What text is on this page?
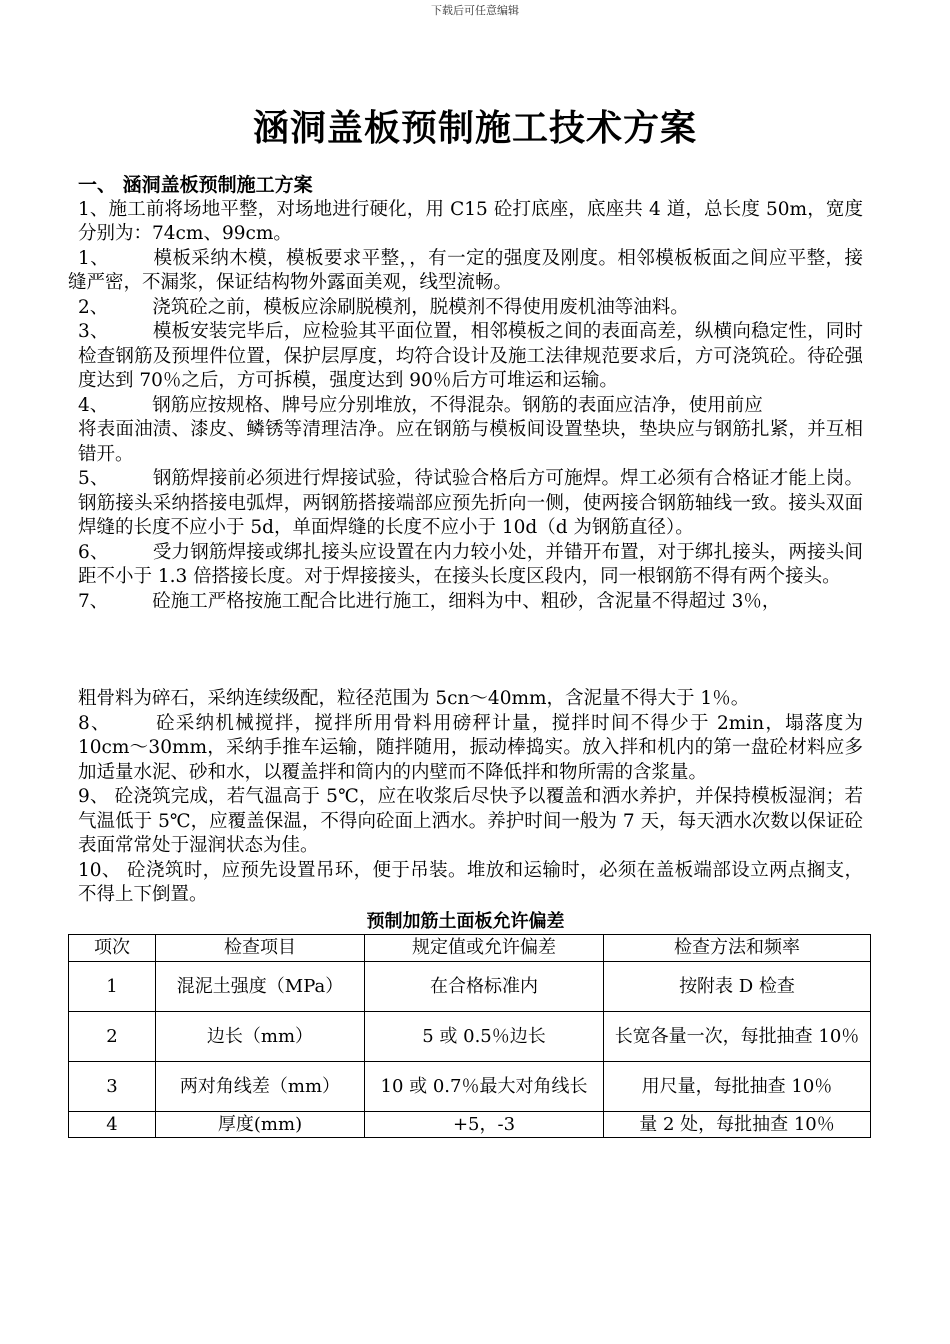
下载后可任意编辑
涵洞盖板预制施工技术方案
一、 涵洞盖板预制施工方案
1、施工前将场地平整，对场地进行硬化，用 C15 砼打底座，底座共 4 道，总长度 50m，宽度分别为：74cm、99cm。
1、 模板采纳木模，模板要求平整，，有一定的强度及刚度。相邻模板板面之间应平整，接缝严密，不漏浆，保证结构物外露面美观，线型流畅。
2、 浇筑砼之前，模板应涂刷脱模剂，脱模剂不得使用废机油等油料。
3、 模板安装完毕后，应检验其平面位置，相邻模板之间的表面高差，纵横向稳定性，同时检查钢筋及预埋件位置，保护层厚度，均符合设计及施工法律规范要求后，方可浇筑砼。待砼强度达到 70％之后，方可拆模，强度达到 90％后方可堆运和运输。
4、 钢筋应按规格、牌号应分别堆放，不得混杂。钢筋的表面应洁净，使用前应
将表面油渍、漆皮、鳞锈等清理洁净。应在钢筋与模板间设置垫块，垫块应与钢筋扎紧，并互相错开。
5、 钢筋焊接前必须进行焊接试验，待试验合格后方可施焊。焊工必须有合格证才能上岗。钢筋接头采纳搭接电弧焊，两钢筋搭接端部应预先折向一侧，使两接合钢筋轴线一致。接头双面焊缝的长度不应小于 5d，单面焊缝的长度不应小于 10d（d 为钢筋直径）。
6、 受力钢筋焊接或绑扎接头应设置在内力较小处，并错开布置，对于绑扎接头，两接头间距不小于 1.3 倍搭接长度。对于焊接接头，在接头长度区段内，同一根钢筋不得有两个接头。
7、 砼施工严格按施工配合比进行施工，细料为中、粗砂，含泥量不得超过 3％，
粗骨料为碎石，采纳连续级配，粒径范围为 5cn～40mm，含泥量不得大于 1％。
8、 砼采纳机械搅拌，搅拌所用骨料用磅秤计量，搅拌时间不得少于 2min，塌落度为 10cm～30mm，采纳手推车运输，随拌随用，振动棒捣实。放入拌和机内的第一盘砼材料应多加适量水泥、砂和水，以覆盖拌和筒内的内壁而不降低拌和物所需的含浆量。
9、 砼浇筑完成，若气温高于 5℃，应在收浆后尽快予以覆盖和洒水养护，并保持模板湿润；若气温低于 5℃，应覆盖保温，不得向砼面上洒水。养护时间一般为 7 天，每天洒水次数以保证砼表面常常处于湿润状态为佳。
10、 砼浇筑时，应预先设置吊环，便于吊装。堆放和运输时，必须在盖板端部设立两点搁支，不得上下倒置。
预制加筋土面板允许偏差
项次	检查项目	规定值或允许偏差	检查方法和频率
1	混泥土强度（MPa）	在合格标准内	按附表 D 检查
2	边长（mm）	5 或 0.5％边长	长宽各量一次，每批抽查 10％
3	两对角线差（mm）	10 或 0.7％最大对角线长	用尺量，每批抽查 10％
4	厚度(mm)	+5，-3	量 2 处，每批抽查 10％
